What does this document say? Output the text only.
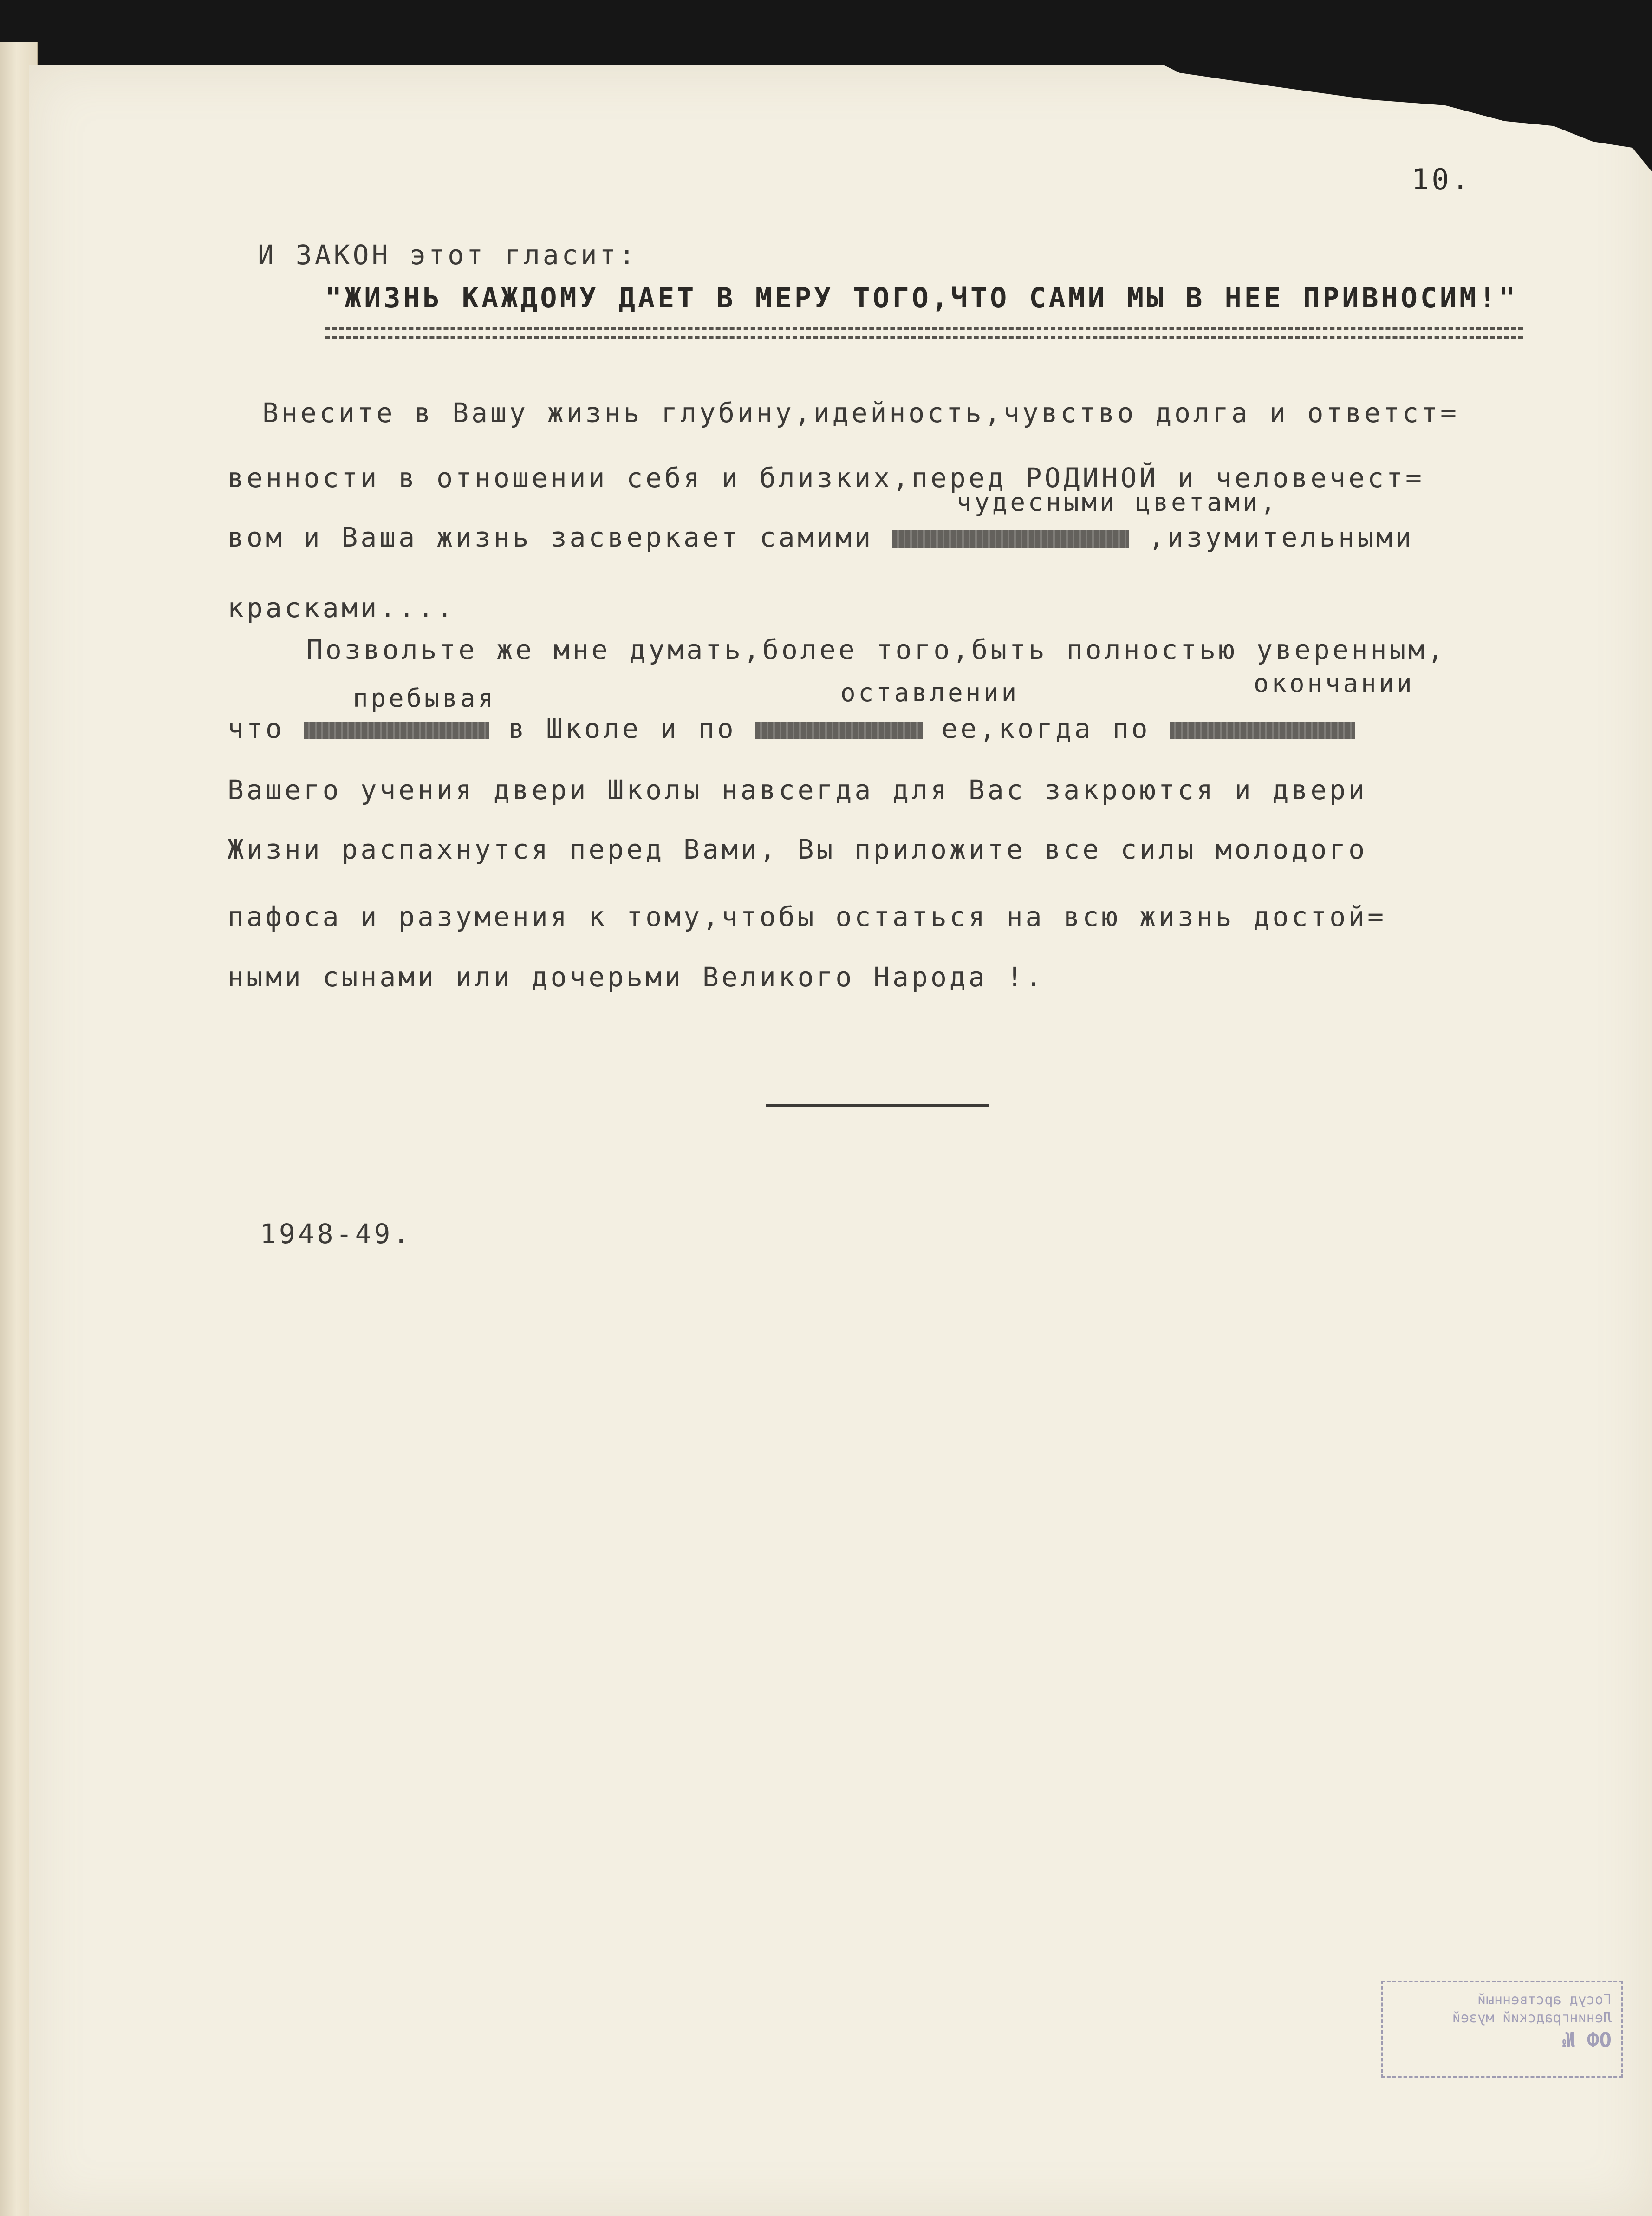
10.
И ЗАКОН этот гласит:
"ЖИЗНЬ КАЖДОМУ ДАЕТ В МЕРУ ТОГО,ЧТО САМИ МЫ В НЕЕ ПРИВНОСИМ!"
Внесите в Вашу жизнь глубину,идейность,чувство долга и ответст=
венности в отношении себя и близких,перед РОДИНОЙ и человечест=
чудесными цветами,
вом и Ваша жизнь засверкает самими	,изумительными
красками....
Позвольте же мне думать,более того,быть полностью уверенным,
пребывая	оставлении	окончании
что	в Школе и по	ее,когда по
Вашего учения двери Школы навсегда для Вас закроются и двери
Жизни распахнутся перед Вами, Вы приложите все силы молодого
пафоса и разумения к тому,чтобы остаться на всю жизнь достой=
ными сынами или дочерьми Великого Народа !.
1948-49.
Госуд арственный
Ленинградский музей
ОФ №
